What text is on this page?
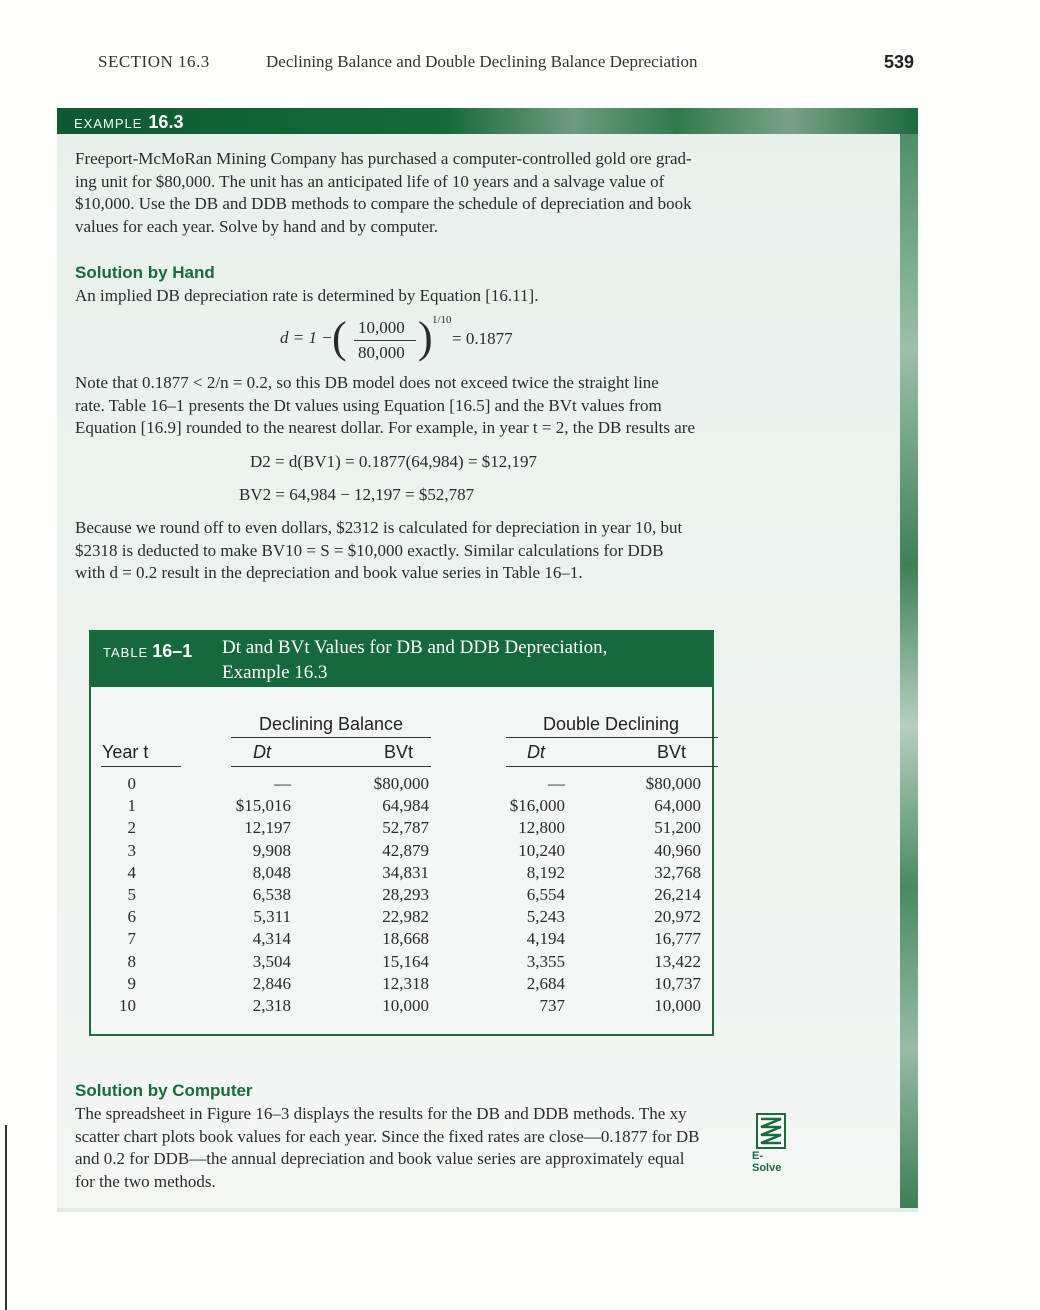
SECTION 16.3	Declining Balance and Double Declining Balance Depreciation	539
EXAMPLE 16.3
Freeport-McMoRan Mining Company has purchased a computer-controlled gold ore grad-
ing unit for $80,000. The unit has an anticipated life of 10 years and a salvage value of
$10,000. Use the DB and DDB methods to compare the schedule of depreciation and book
values for each year. Solve by hand and by computer.
Solution by Hand
An implied DB depreciation rate is determined by Equation [16.11].
d = 1 − ( 10,000
80,000 ) 1/10
= 0.1877
Note that 0.1877 < 2/n = 0.2, so this DB model does not exceed twice the straight line
rate. Table 16–1 presents the Dt values using Equation [16.5] and the BVt values from
Equation [16.9] rounded to the nearest dollar. For example, in year t = 2, the DB results are
D2 = d(BV1) = 0.1877(64,984) = $12,197
BV2 = 64,984 − 12,197 = $52,787
Because we round off to even dollars, $2312 is calculated for depreciation in year 10, but
$2318 is deducted to make BV10 = S = $10,000 exactly. Similar calculations for DDB
with d = 0.2 result in the depreciation and book value series in Table 16–1.
TABLE 16–1 Dt and BVt Values for DB and DDB Depreciation,
Example 16.3
Declining Balance	Double Declining
Year t	Dt	BVt	Dt	BVt
0	—	$80,000	—	$80,000
1	$15,016	64,984	$16,000	64,000
2	12,197	52,787	12,800	51,200
3	9,908	42,879	10,240	40,960
4	8,048	34,831	8,192	32,768
5	6,538	28,293	6,554	26,214
6	5,311	22,982	5,243	20,972
7	4,314	18,668	4,194	16,777
8	3,504	15,164	3,355	13,422
9	2,846	12,318	2,684	10,737
10	2,318	10,000	737	10,000
Solution by Computer
The spreadsheet in Figure 16–3 displays the results for the DB and DDB methods. The xy
scatter chart plots book values for each year. Since the fixed rates are close—0.1877 for DB
and 0.2 for DDB—the annual depreciation and book value series are approximately equal
for the two methods.
E-Solve
